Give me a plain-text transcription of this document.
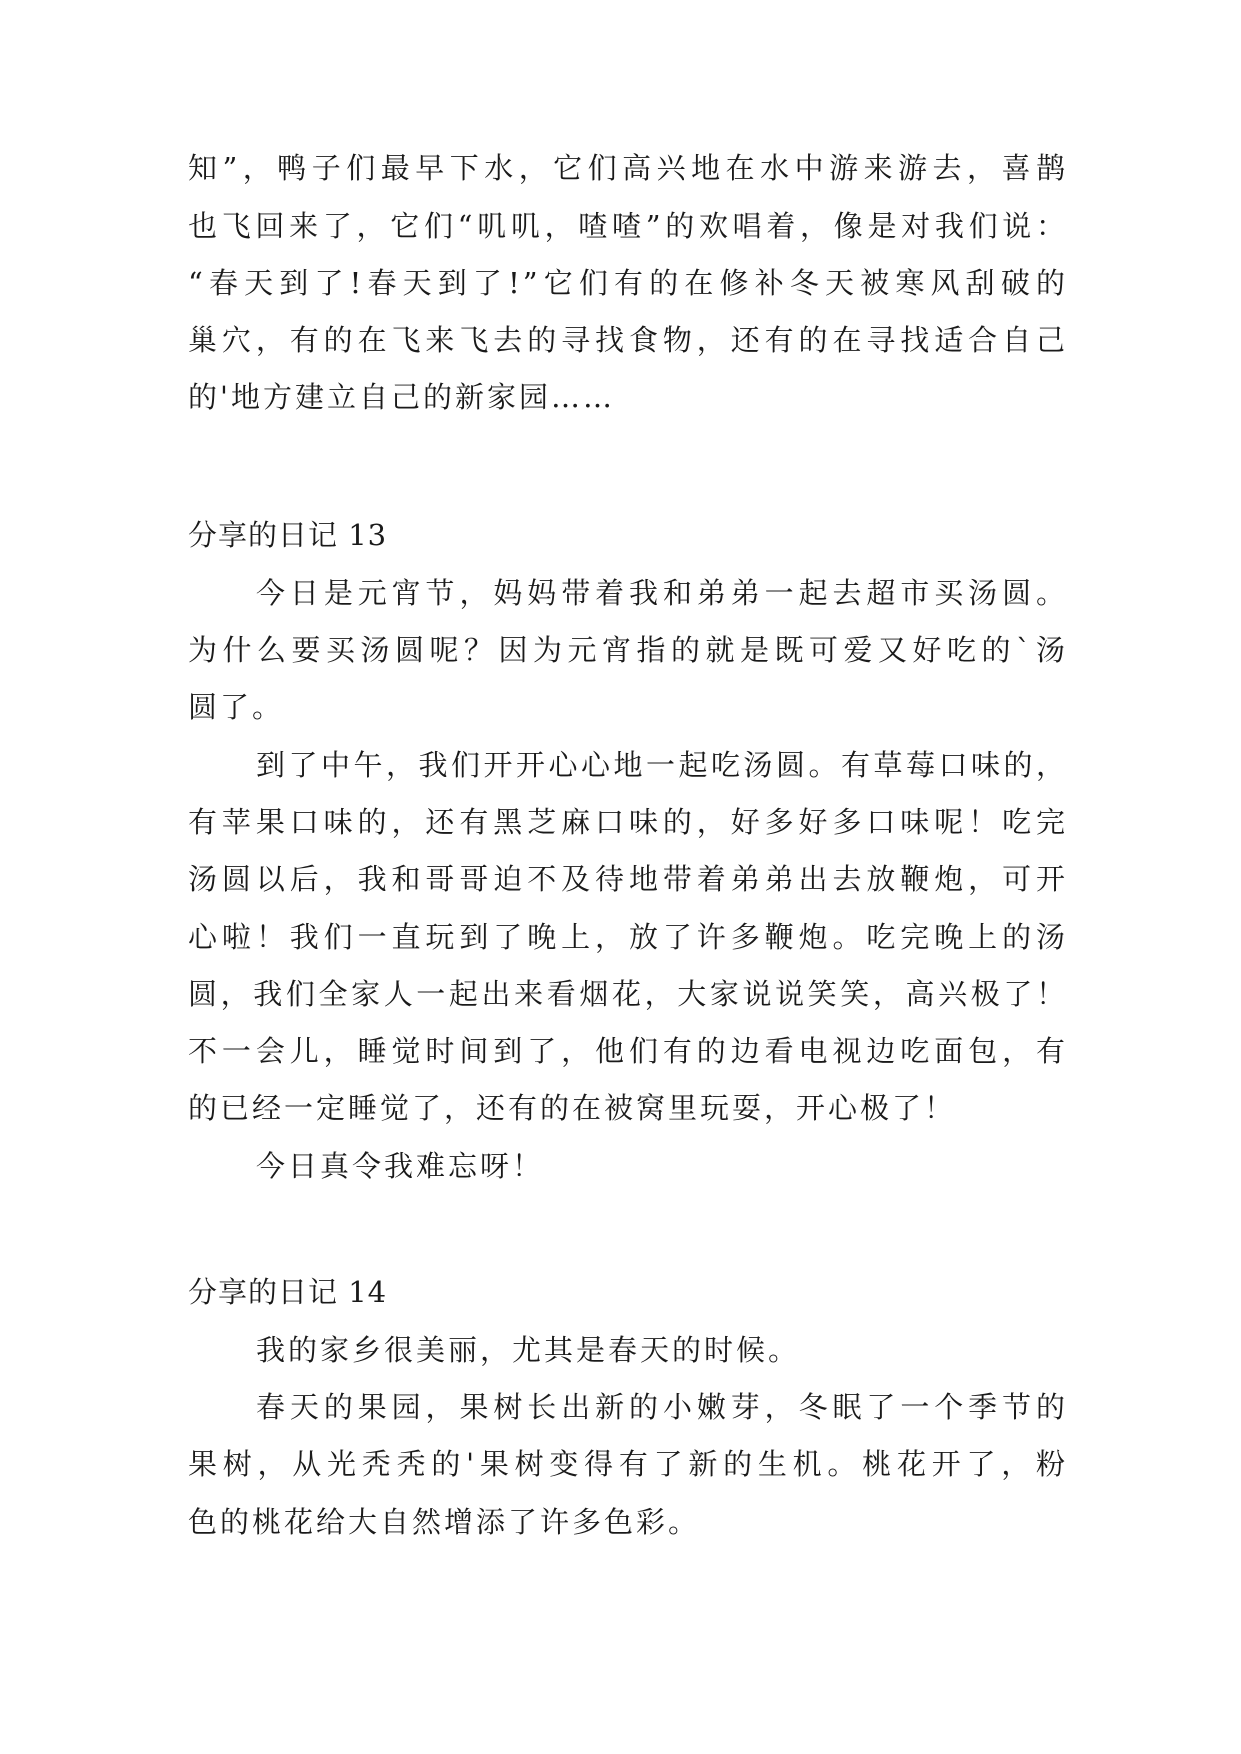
知”，鸭子们最早下水，它们高兴地在水中游来游去，喜鹊

也飞回来了，它们“叽叽，喳喳”的欢唱着，像是对我们说：

“春天到了!春天到了!”它们有的在修补冬天被寒风刮破的

巢穴，有的在飞来飞去的寻找食物，还有的在寻找适合自己

的'地方建立自己的新家园……

分享的日记 13

今日是元宵节，妈妈带着我和弟弟一起去超市买汤圆。

为什么要买汤圆呢？因为元宵指的就是既可爱又好吃的`汤

圆了。

到了中午，我们开开心心地一起吃汤圆。有草莓口味的，

有苹果口味的，还有黑芝麻口味的，好多好多口味呢！吃完

汤圆以后，我和哥哥迫不及待地带着弟弟出去放鞭炮，可开

心啦！我们一直玩到了晚上，放了许多鞭炮。吃完晚上的汤

圆，我们全家人一起出来看烟花，大家说说笑笑，高兴极了！

不一会儿，睡觉时间到了，他们有的边看电视边吃面包，有

的已经一定睡觉了，还有的在被窝里玩耍，开心极了！

今日真令我难忘呀！

分享的日记 14

我的家乡很美丽，尤其是春天的时候。

春天的果园，果树长出新的小嫩芽，冬眠了一个季节的

果树，从光秃秃的'果树变得有了新的生机。桃花开了，粉

色的桃花给大自然增添了许多色彩。
